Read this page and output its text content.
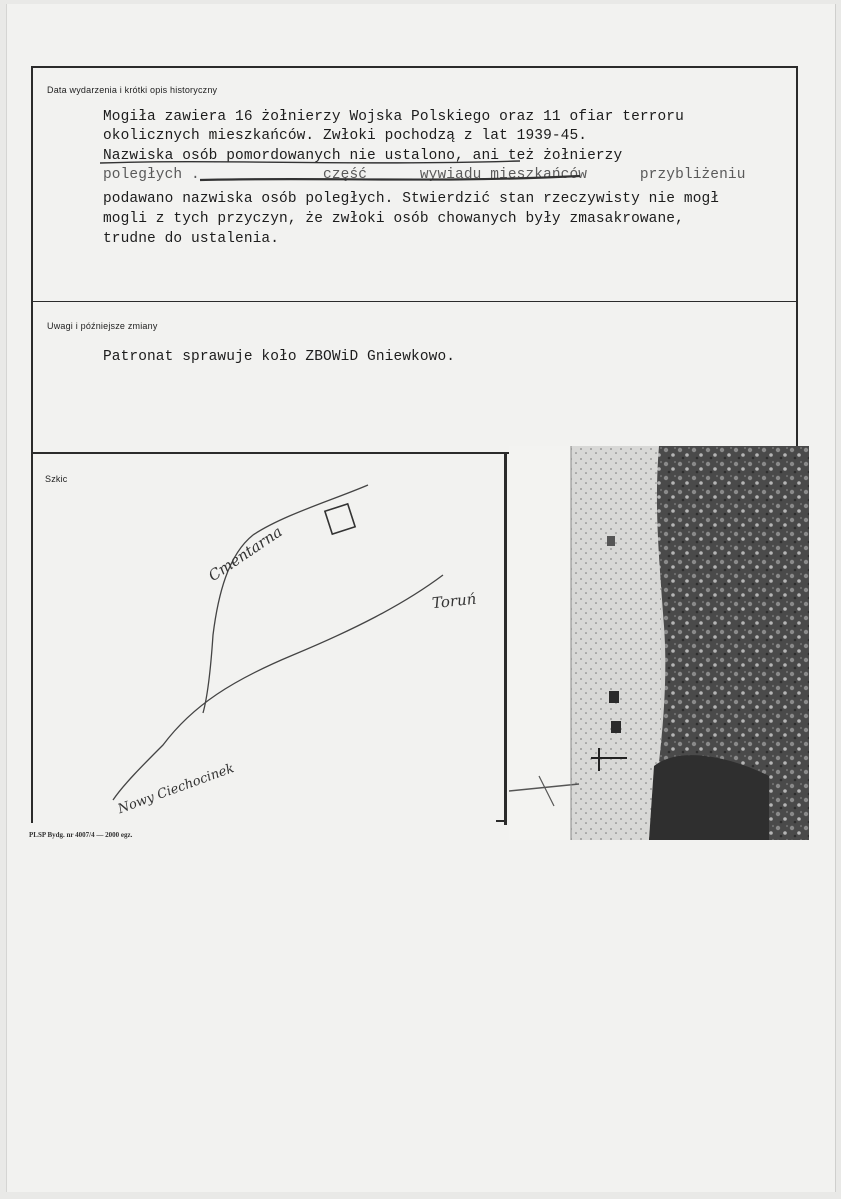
Data wydarzenia i krótki opis historyczny
Mogiła zawiera 16 żołnierzy Wojska Polskiego oraz 11 ofiar terroru
okolicznych mieszkańców. Zwłoki pochodzą z lat 1939-45.
Nazwiska osób pomordowanych nie ustalono, ani też żołnierzy
poległych .              część      wywiadu mieszkańców      przybliżeniu
podawano nazwiska osób poległych. Stwierdzić stan rzeczywisty nie mogł
mogli z tych przyczyn, że zwłoki osób chowanych były zmasakrowane,
trudne do ustalenia.
Uwagi i późniejsze zmiany
Patronat sprawuje koło ZBOWiD Gniewkowo.
Szkic
Cmentarna
Toruń
Nowy Ciechocinek
PLSP Bydg. nr 4007/4 — 2000 egz.
